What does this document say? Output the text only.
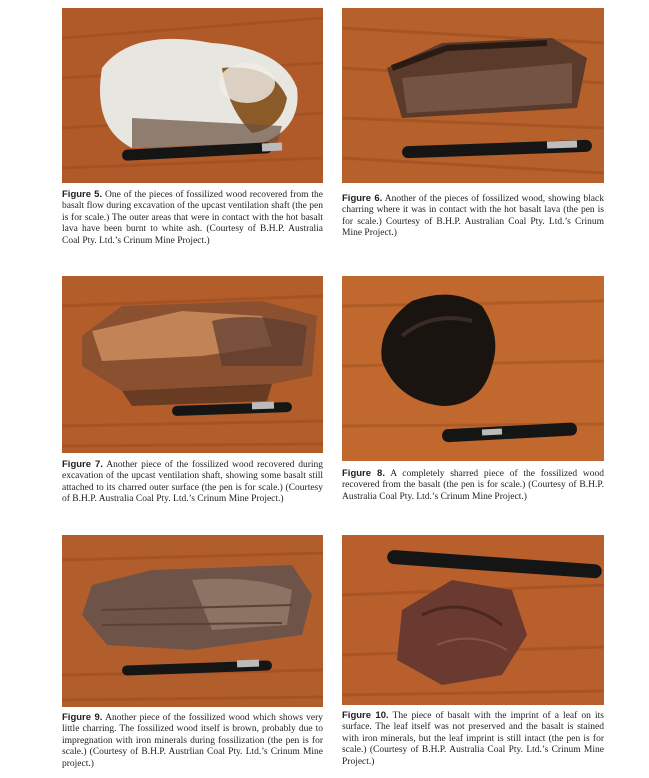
Figure 5. One of the pieces of fossilized wood recovered from the basalt flow during excavation of the upcast ventilation shaft (the pen is for scale.) The outer areas that were in contact with the hot basalt lava have been burnt to white ash. (Courtesy of B.H.P. Australia Coal Pty. Ltd.’s Crinum Mine Project.)
Figure 6. Another of the pieces of fossilized wood, showing black charring where it was in contact with the hot basalt lava (the pen is for scale.) Courtesy of B.H.P. Australian Coal Pty. Ltd.’s Crinum Mine Project.)
Figure 7. Another piece of the fossilized wood recovered during excavation of the upcast ventilation shaft, showing some basalt still attached to its charred outer surface (the pen is for scale.) (Courtesy of B.H.P. Australia Coal Pty. Ltd.’s Crinum Mine Project.)
Figure 8. A completely sharred piece of the fossilized wood recovered from the basalt (the pen is for scale.) (Courtesy of B.H.P. Australia Coal Pty. Ltd.’s Crinum Mine Project.)
Figure 9. Another piece of the fossilized wood which shows very little charring. The fossilized wood itself is brown, probably due to impregnation with iron minerals during fossilization (the pen is for scale.) (Courtesy of B.H.P. Austrlian Coal Pty. Ltd.’s Crinum Mine project.)
Figure 10. The piece of basalt with the imprint of a leaf on its surface. The leaf itself was not preserved and the basalt is stained with iron minerals, but the leaf imprint is still intact (the pen is for scale.) (Courtesy of B.H.P. Australia Coal Pty. Ltd.’s Crinum Mine Project.)
